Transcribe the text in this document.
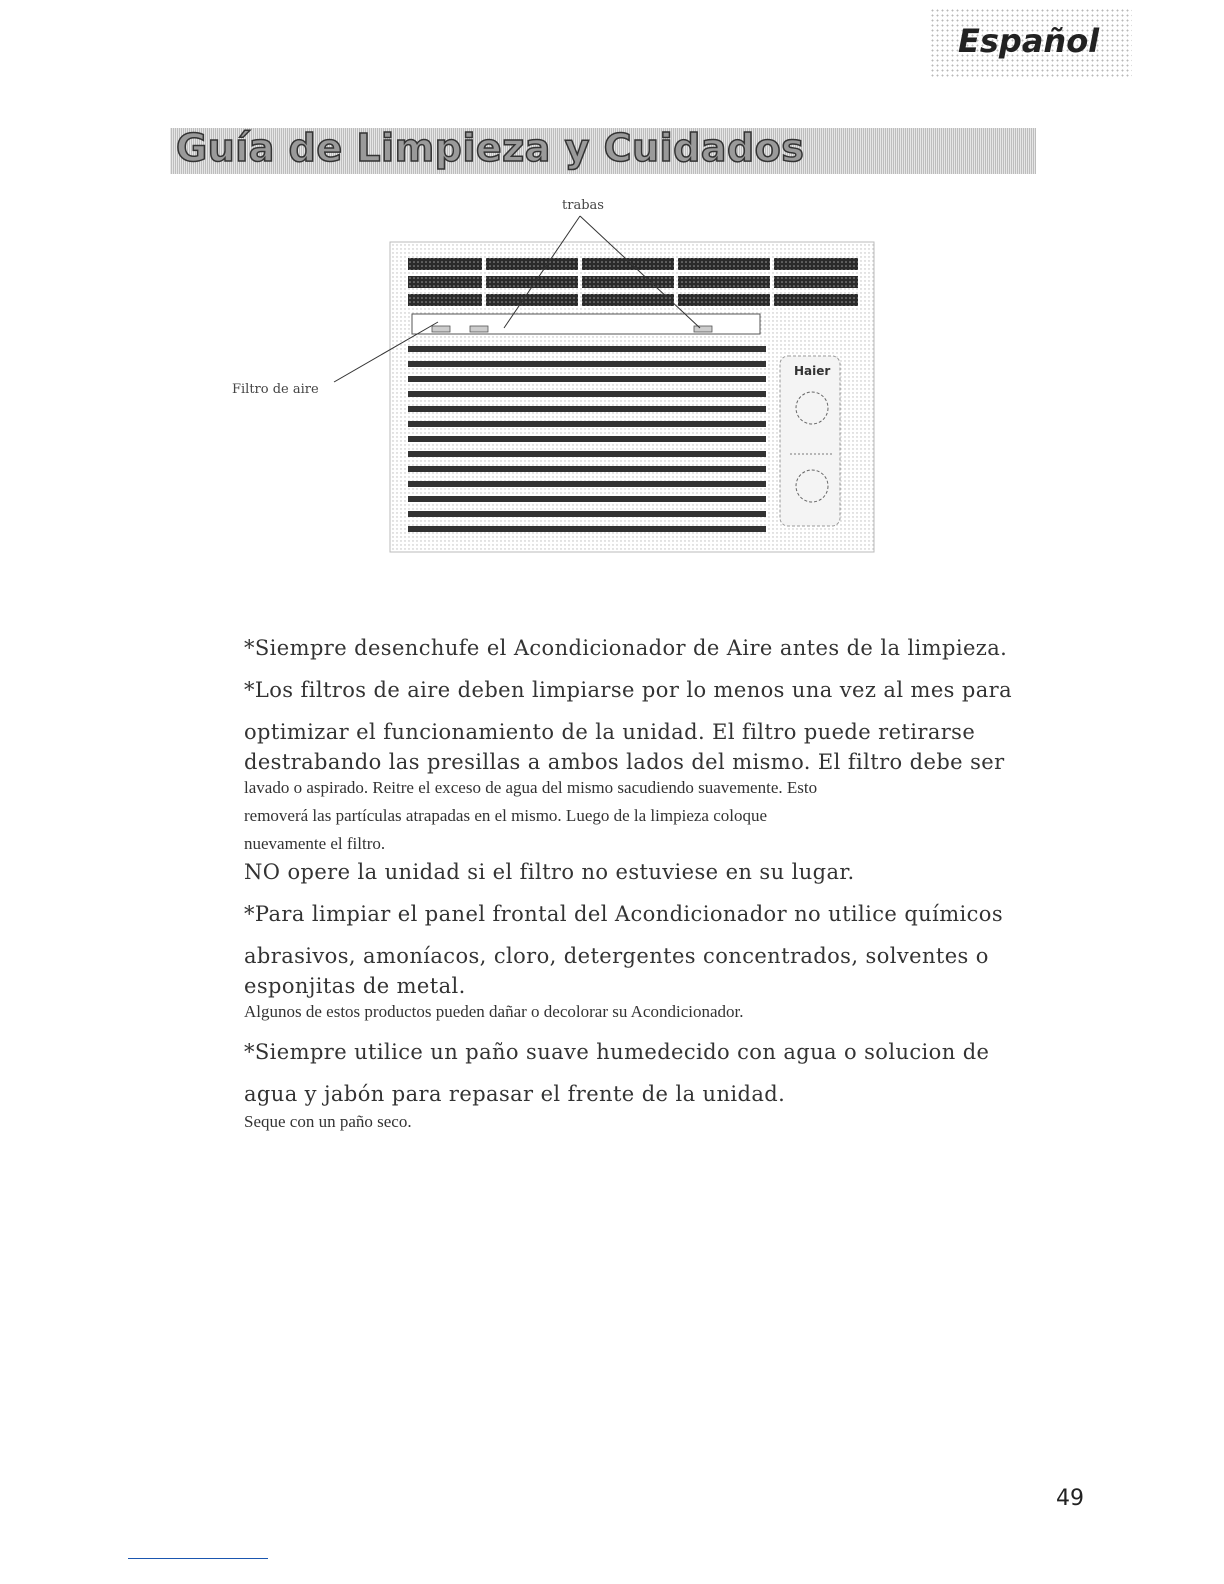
Español
Guía de Limpieza y Cuidados
trabas
Filtro de aire
Haier

*Siempre desenchufe el Acondicionador de Aire antes de la limpieza.

*Los filtros de aire deben limpiarse por lo menos una vez al mes para

optimizar el funcionamiento de la unidad. El filtro puede retirarse

destrabando las presillas a ambos lados del mismo. El filtro debe ser

lavado o aspirado. Reitre el exceso de agua del mismo sacudiendo suavemente. Esto

removerá las partículas atrapadas en el mismo. Luego de la limpieza coloque

nuevamente el filtro.

NO opere la unidad si el filtro no estuviese en su lugar.

*Para limpiar el panel frontal del Acondicionador no utilice químicos

abrasivos, amoníacos, cloro, detergentes concentrados, solventes o

esponjitas de metal.

Algunos de estos productos pueden dañar o decolorar su Acondicionador.

*Siempre utilice un paño suave humedecido con agua o solucion de

agua y jabón para repasar el frente de la unidad.

Seque con un paño seco.

49
